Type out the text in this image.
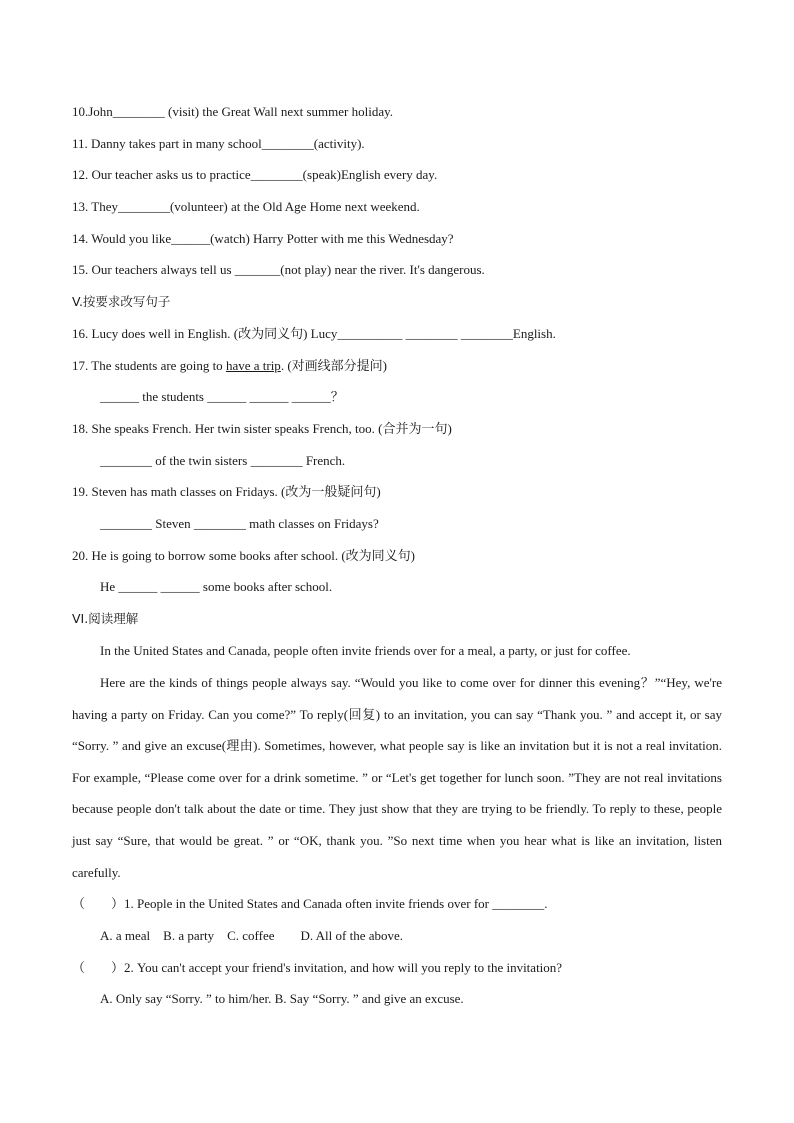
10.John________ (visit) the Great Wall next summer holiday.
11. Danny takes part in many school________(activity).
12. Our teacher asks us to practice________(speak)English every day.
13. They________(volunteer) at the Old Age Home next weekend.
14. Would you like______(watch) Harry Potter with me this Wednesday?
15. Our teachers always tell us _______(not play) near the river. It's dangerous.
V.按要求改写句子
16. Lucy does well in English. (改为同义句) Lucy__________ ________ ________English.
17. The students are going to have a trip. (对画线部分提问)
______ the students ______ ______ ______？
18. She speaks French. Her twin sister speaks French, too. (合并为一句)
________ of the twin sisters ________ French.
19. Steven has math classes on Fridays. (改为一般疑问句)
________ Steven ________ math classes on Fridays?
20. He is going to borrow some books after school. (改为同义句)
He ______ ______ some books after school.
VI.阅读理解
In the United States and Canada, people often invite friends over for a meal, a party, or just for coffee.
Here are the kinds of things people always say. “Would you like to come over for dinner this evening？”“Hey, we're having a party on Friday. Can you come?” To reply(回复) to an invitation, you can say “Thank you. ” and accept it, or say “Sorry. ” and give an excuse(理由). Sometimes, however, what people say is like an invitation but it is not a real invitation. For example, “Please come over for a drink sometime. ” or “Let's get together for lunch soon. ”They are not real invitations because people don't talk about the date or time. They just show that they are trying to be friendly. To reply to these, people just say “Sure, that would be great. ” or “OK, thank you. ”So next time when you hear what is like an invitation, listen carefully.
（　　）1. People in the United States and Canada often invite friends over for ________.
A. a meal　B. a party　C. coffee　　D. All of the above.
（　　）2. You can't accept your friend's invitation, and how will you reply to the invitation?
A. Only say “Sorry. ” to him/her. B. Say “Sorry. ” and give an excuse.
